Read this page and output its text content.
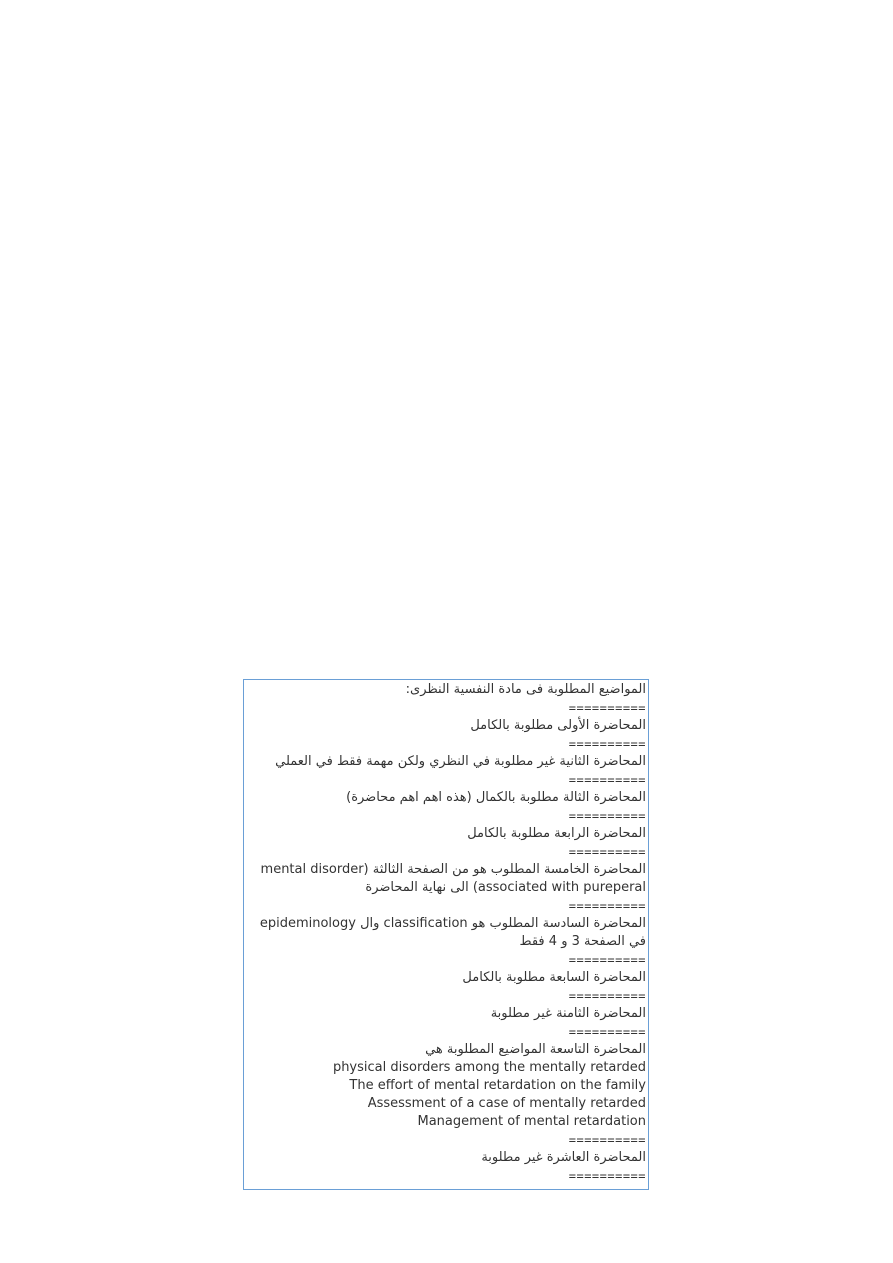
المواضيع المطلوبة فى مادة النفسية النظرى:
==========
المحاضرة الأولى مطلوبة بالكامل
==========
المحاضرة الثانية غير مطلوبة في النظري ولكن مهمة فقط في العملي
==========
المحاضرة الثالة مطلوبة بالكمال (هذه اهم اهم محاضرة)
==========
المحاضرة الرابعة مطلوبة بالكامل
==========
المحاضرة الخامسة المطلوب هو من الصفحة الثالثة (mental disorder associated with pureperal) الى نهاية المحاضرة
==========
المحاضرة السادسة المطلوب هو classification وال epideminology في الصفحة 3 و 4 فقط
==========
المحاضرة السابعة مطلوبة بالكامل
==========
المحاضرة الثامنة غير مطلوبة
==========
المحاضرة التاسعة المواضيع المطلوبة هي
physical disorders among the mentally retarded
The effort of mental retardation on the family
Assessment of a case of mentally retarded
Management of mental retardation
==========
المحاضرة العاشرة غير مطلوبة
==========
